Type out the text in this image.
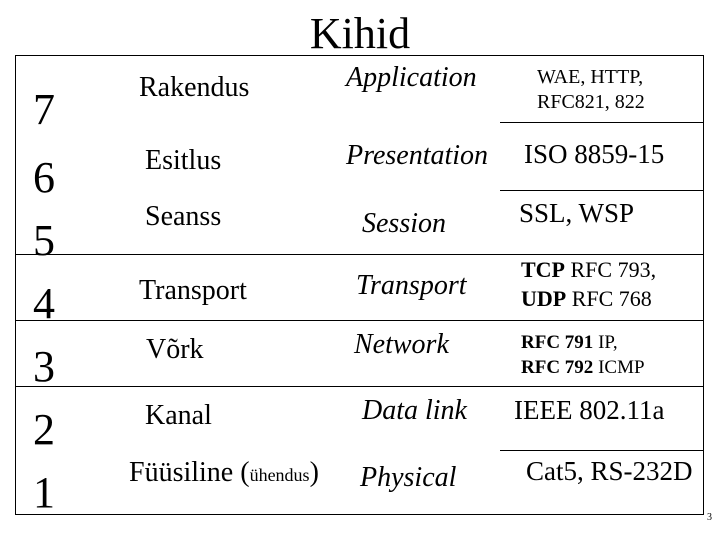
Kihid
7
6
5
4
3
2
1
Rakendus
Esitlus
Seanss
Transport
Võrk
Kanal
Füüsiline (ühendus)
Application
Presentation
Session
Transport
Network
Data link
Physical
WAE, HTTP,
RFC821, 822
ISO 8859-15
SSL, WSP
TCP RFC 793,
UDP RFC 768
RFC 791 IP,
RFC 792 ICMP
IEEE 802.11a
Cat5, RS-232D
3
